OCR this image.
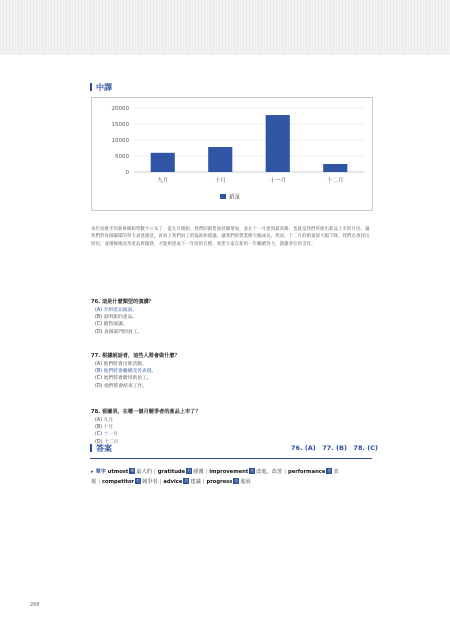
中譯
0
5000
10000
15000
20000
九月	十月	十一月	十二月
銷量
本年度歌手的新專輯銷售數字公布了：從九月開始，我們的銷售量持續增加，並在十一月達到最高峰，也就是我們所推出新品上市的月份。讓我們對每個團隊的努力表達謝意，再加上我們員工的協助和建議，讓我們的營業額大幅成長。然而，十二月的銷量卻大幅下降，我們必須找出原因，並積極地改善產品與服務，才能夠達成下一年度的目標。希望大家在新的一年繼續努力，謝謝各位的支持。
76. 這是什麼類型的演講？
(A) 介紹產品演說。
(B) 說明新的產品。
(C) 銷售演講。
(D) 表揚部門的員工。
77. 根據說話者，這些人將會做什麼？
(A) 他們將會出席活動。
(B) 他們將會繼續改善表現。
(C) 他們將會聘用新員工。
(D) 他們將會結束工作。
78. 看圖表，在哪一個月競爭者的產品上市了？
(A) 九月
(B) 十月
(C) 十一月
(D) 十二月
答案	76. (A)　77. (B)　78. (C)
▸ 單字 utmost 形 最大的 | gratitude 名 感激 | improvement 名 改進，改善 | performance 名 表現 | competitor 名 競爭者 | advice 名 建議 | progress 名 進展
268
